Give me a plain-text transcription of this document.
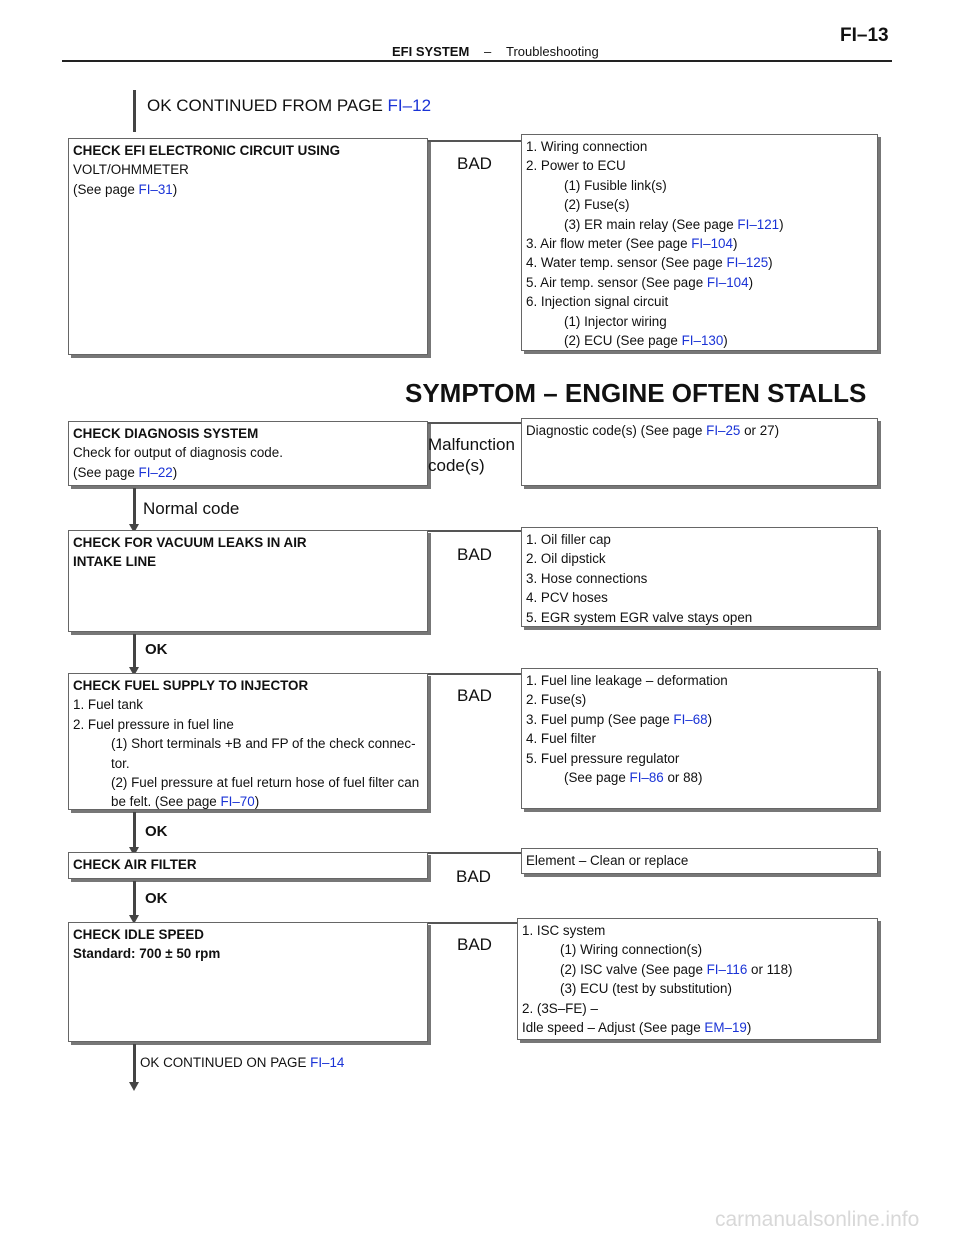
EFI SYSTEM – Troubleshooting
FI–13
OK CONTINUED FROM PAGE FI–12
CHECK EFI ELECTRONIC CIRCUIT USING
VOLT/OHMMETER
(See page FI–31)
BAD
1. Wiring connection
2. Power to ECU
(1) Fusible link(s)
(2) Fuse(s)
(3) ER main relay (See page FI–121)
3. Air flow meter (See page FI–104)
4. Water temp. sensor (See page FI–125)
5. Air temp. sensor (See page FI–104)
6. Injection signal circuit
(1) Injector wiring
(2) ECU (See page FI–130)
SYMPTOM – ENGINE OFTEN STALLS
CHECK DIAGNOSIS SYSTEM
Check for output of diagnosis code.
(See page FI–22)
Malfunction
code(s)
Diagnostic code(s) (See page FI–25 or 27)
Normal code
CHECK FOR VACUUM LEAKS IN AIR
INTAKE LINE	BAD
1. Oil filler cap
2. Oil dipstick
3. Hose connections
4. PCV hoses
5. EGR system EGR valve stays open
OK
CHECK FUEL SUPPLY TO INJECTOR
1. Fuel tank
2. Fuel pressure in fuel line
(1) Short terminals +B and FP of the check connec-
tor.
(2) Fuel pressure at fuel return hose of fuel filter can
be felt. (See page FI–70)
BAD
1. Fuel line leakage – deformation
2. Fuse(s)
3. Fuel pump (See page FI–68)
4. Fuel filter
5. Fuel pressure regulator
(See page FI–86 or 88)
OK
CHECK AIR FILTER
BAD
Element – Clean or replace
OK
CHECK IDLE SPEED
Standard: 700 ± 50 rpm	BAD
1. ISC system
(1) Wiring connection(s)
(2) ISC valve (See page FI–116 or 118)
(3) ECU (test by substitution)
2. (3S–FE) –
Idle speed – Adjust (See page EM–19)
OK CONTINUED ON PAGE FI–14
carmanualsonline.info
